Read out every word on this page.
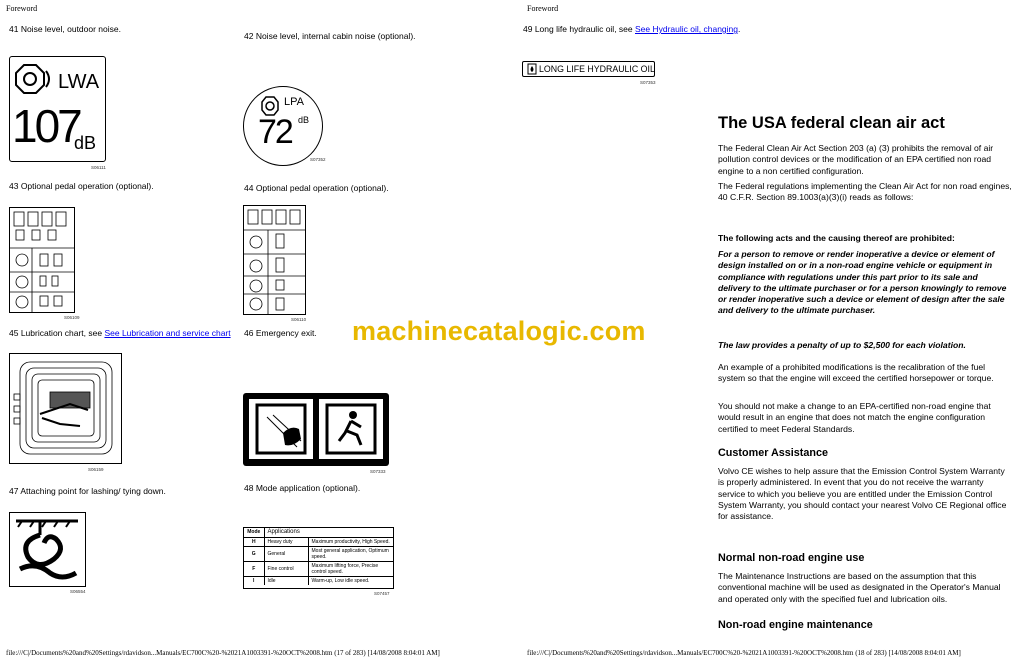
Foreword
41 Noise level, outdoor noise.
42 Noise level, internal cabin noise (optional).
LWA
107
dB
S06111
LPA
72 dB
S07352
43 Optional pedal operation (optional).	44 Optional pedal operation (optional).
S06109	S06110
45 Lubrication chart, see See Lubrication and service chart 46 Emergency exit.
S06159	S07333
47 Attaching point for lashing/ tying down.	48 Mode application (optional).
S06554
Mode	Applications	
H	Heavy duty	Maximum productivity, High Speed.
G	General	Most general application, Optimum speed.
F	Fine control	Maximum lifting force, Precise control speed.
I	Idle	Warm-up, Low idle speed.
S07457
file:///C|/Documents%20and%20Settings/rdavidson...Manuals/EC700C%20-%2021A1003391-%20OCT%2008.htm (17 of 283) [14/08/2008 8:04:01 AM]
machinecatalogic.com
Foreword
49 Long life hydraulic oil, see See Hydraulic oil, changing.
LONG LIFE HYDRAULIC OIL
S07353
The USA federal clean air act
The Federal Clean Air Act Section 203 (a) (3) prohibits the removal of air pollution control devices or the modification of an EPA certified non road engine to a non certified configuration.
The Federal regulations implementing the Clean Air Act for non road engines, 40 C.F.R. Section 89.1003(a)(3)(i) reads as follows:
The following acts and the causing thereof are prohibited:
For a person to remove or render inoperative a device or element of design installed on or in a non-road engine vehicle or equipment in compliance with regulations under this part prior to its sale and delivery to the ultimate purchaser or for a person knowingly to remove or render inoperative such a device or element of design after the sale and delivery to the ultimate purchaser.
The law provides a penalty of up to $2,500 for each violation.
An example of a prohibited modifications is the recalibration of the fuel system so that the engine will exceed the certified horsepower or torque.
You should not make a change to an EPA-certified non-road engine that would result in an engine that does not match the engine configuration certified to meet Federal Standards.
Customer Assistance
Volvo CE wishes to help assure that the Emission Control System Warranty is properly administered. In event that you do not receive the warranty service to which you believe you are entitled under the Emission Control System Warranty, you should contact your nearest Volvo CE Regional office for assistance.
Normal non-road engine use
The Maintenance Instructions are based on the assumption that this conventional machine will be used as designated in the Operator's Manual and operated only with the specified fuel and lubrication oils.
Non-road engine maintenance
file:///C|/Documents%20and%20Settings/rdavidson...Manuals/EC700C%20-%2021A1003391-%20OCT%2008.htm (18 of 283) [14/08/2008 8:04:01 AM]
